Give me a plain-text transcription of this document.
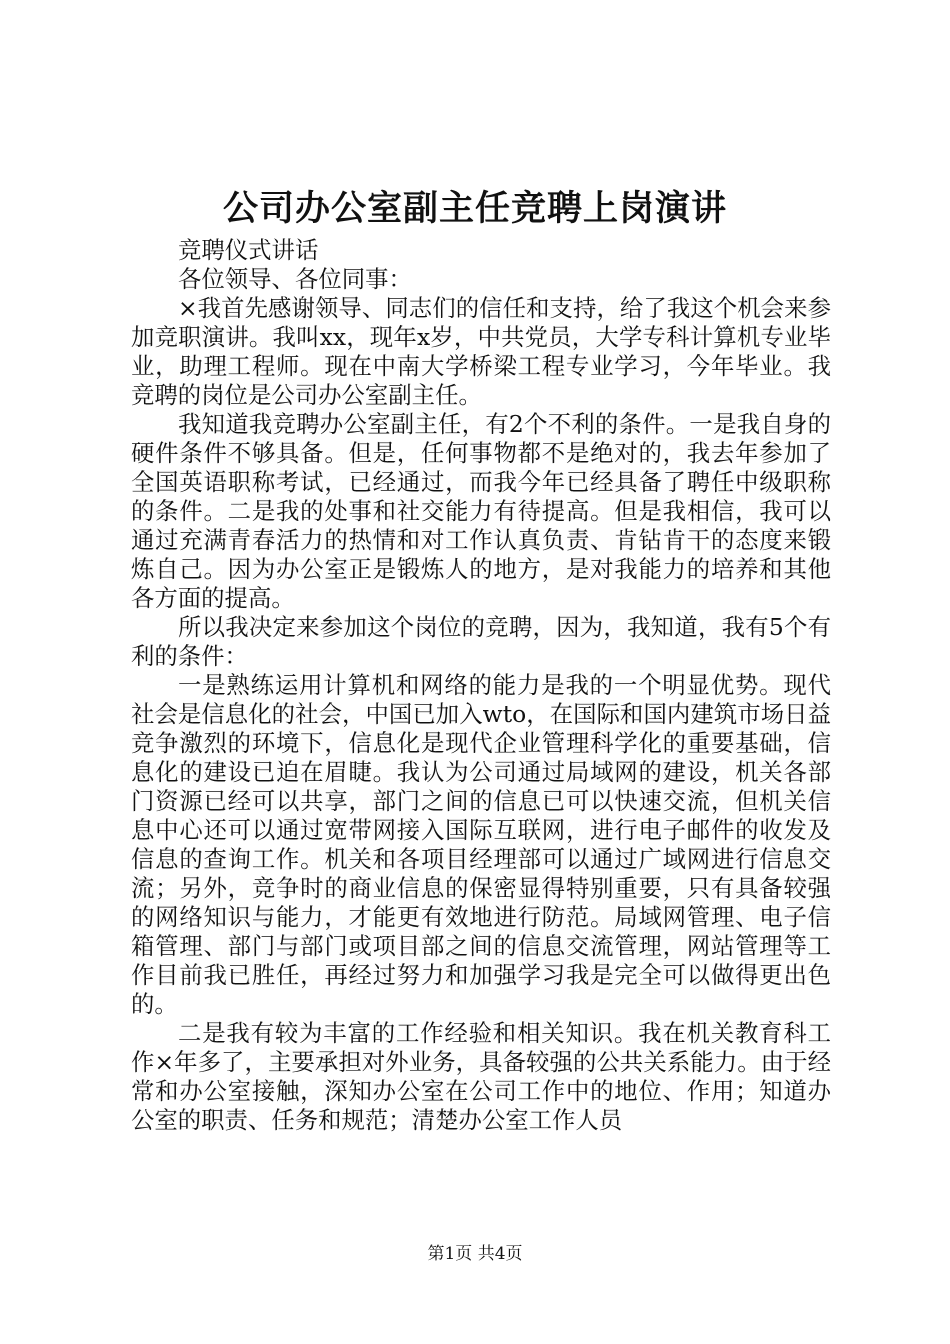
公司办公室副主任竞聘上岗演讲

竞聘仪式讲话

各位领导、各位同事：

×我首先感谢领导、同志们的信任和支持，给了我这个机会来参加竞职演讲。我叫xx，现年x岁，中共党员，大学专科计算机专业毕业，助理工程师。现在中南大学桥梁工程专业学习，今年毕业。我竞聘的岗位是公司办公室副主任。

我知道我竞聘办公室副主任，有2个不利的条件。一是我自身的硬件条件不够具备。但是，任何事物都不是绝对的，我去年参加了全国英语职称考试，已经通过，而我今年已经具备了聘任中级职称的条件。二是我的处事和社交能力有待提高。但是我相信，我可以通过充满青春活力的热情和对工作认真负责、肯钻肯干的态度来锻炼自己。因为办公室正是锻炼人的地方，是对我能力的培养和其他各方面的提高。

所以我决定来参加这个岗位的竞聘，因为，我知道，我有5个有利的条件：

一是熟练运用计算机和网络的能力是我的一个明显优势。现代社会是信息化的社会，中国已加入wto，在国际和国内建筑市场日益竞争激烈的环境下，信息化是现代企业管理科学化的重要基础，信息化的建设已迫在眉睫。我认为公司通过局域网的建设，机关各部门资源已经可以共享，部门之间的信息已可以快速交流，但机关信息中心还可以通过宽带网接入国际互联网，进行电子邮件的收发及信息的查询工作。机关和各项目经理部可以通过广域网进行信息交流；另外，竞争时的商业信息的保密显得特别重要，只有具备较强的网络知识与能力，才能更有效地进行防范。局域网管理、电子信箱管理、部门与部门或项目部之间的信息交流管理，网站管理等工作目前我已胜任，再经过努力和加强学习我是完全可以做得更出色的。

二是我有较为丰富的工作经验和相关知识。我在机关教育科工作×年多了，主要承担对外业务，具备较强的公共关系能力。由于经常和办公室接触，深知办公室在公司工作中的地位、作用；知道办公室的职责、任务和规范；清楚办公室工作人员

第1页 共4页
